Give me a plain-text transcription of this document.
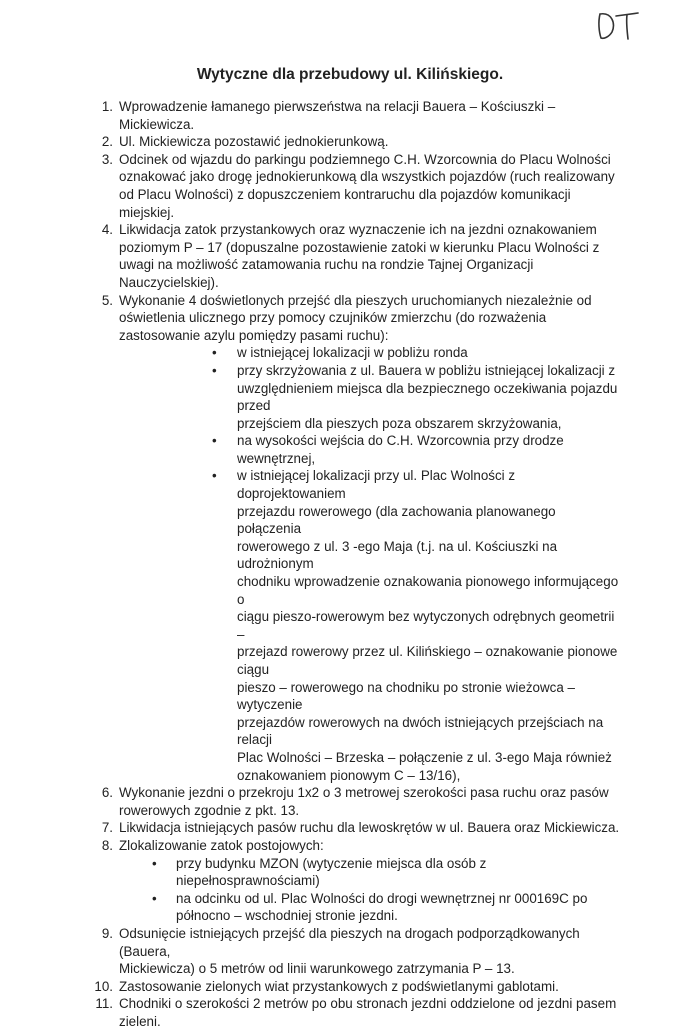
Wytyczne dla przebudowy ul. Kilińskiego.
1. Wprowadzenie łamanego pierwszeństwa na relacji Bauera – Kościuszki –
Mickiewicza.
2. Ul. Mickiewicza pozostawić jednokierunkową.
3. Odcinek od wjazdu do parkingu podziemnego C.H. Wzorcownia do Placu Wolności
oznakować jako drogę jednokierunkową dla wszystkich pojazdów (ruch realizowany
od Placu Wolności) z dopuszczeniem kontraruchu dla pojazdów komunikacji
miejskiej.
4. Likwidacja zatok przystankowych oraz wyznaczenie ich na jezdni oznakowaniem
poziomym P – 17 (dopuszalne pozostawienie zatoki w kierunku Placu Wolności z
uwagi na możliwość zatamowania ruchu na rondzie Tajnej Organizacji
Nauczycielskiej).
5. Wykonanie 4 doświetlonych przejść dla pieszych uruchomianych niezależnie od
oświetlenia ulicznego przy pomocy czujników zmierzchu (do rozważenia
zastosowanie azylu pomiędzy pasami ruchu):
• w istniejącej lokalizacji w pobliżu ronda
• przy skrzyżowania z ul. Bauera w pobliżu istniejącej lokalizacji z
uwzględnieniem miejsca dla bezpiecznego oczekiwania pojazdu przed
przejściem dla pieszych poza obszarem skrzyżowania,
• na wysokości wejścia do C.H. Wzorcownia przy drodze wewnętrznej,
• w istniejącej lokalizacji przy ul. Plac Wolności z doprojektowaniem
przejazdu rowerowego (dla zachowania planowanego połączenia
rowerowego z ul. 3 -ego Maja (t.j. na ul. Kościuszki na udrożnionym
chodniku wprowadzenie oznakowania pionowego informującego o
ciągu pieszo-rowerowym bez wytyczonych odrębnych geometrii –
przejazd rowerowy przez ul. Kilińskiego – oznakowanie pionowe ciągu
pieszo – rowerowego na chodniku po stronie wieżowca – wytyczenie
przejazdów rowerowych na dwóch istniejących przejściach na relacji
Plac Wolności – Brzeska – połączenie z ul. 3-ego Maja również
oznakowaniem pionowym C – 13/16),
6. Wykonanie jezdni o przekroju 1x2 o 3 metrowej szerokości pasa ruchu oraz pasów
rowerowych zgodnie z pkt. 13.
7. Likwidacja istniejących pasów ruchu dla lewoskrętów w ul. Bauera oraz Mickiewicza.
8. Zlokalizowanie zatok postojowych:
• przy budynku MZON (wytyczenie miejsca dla osób z niepełnosprawnościami)
• na odcinku od ul. Plac Wolności do drogi wewnętrznej nr 000169C po
północno – wschodniej stronie jezdni.
9. Odsunięcie istniejących przejść dla pieszych na drogach podporządkowanych (Bauera,
Mickiewicza) o 5 metrów od linii warunkowego zatrzymania P – 13.
10. Zastosowanie zielonych wiat przystankowych z podświetlanymi gablotami.
11. Chodniki o szerokości 2 metrów po obu stronach jezdni oddzielone od jezdni pasem
zieleni.
